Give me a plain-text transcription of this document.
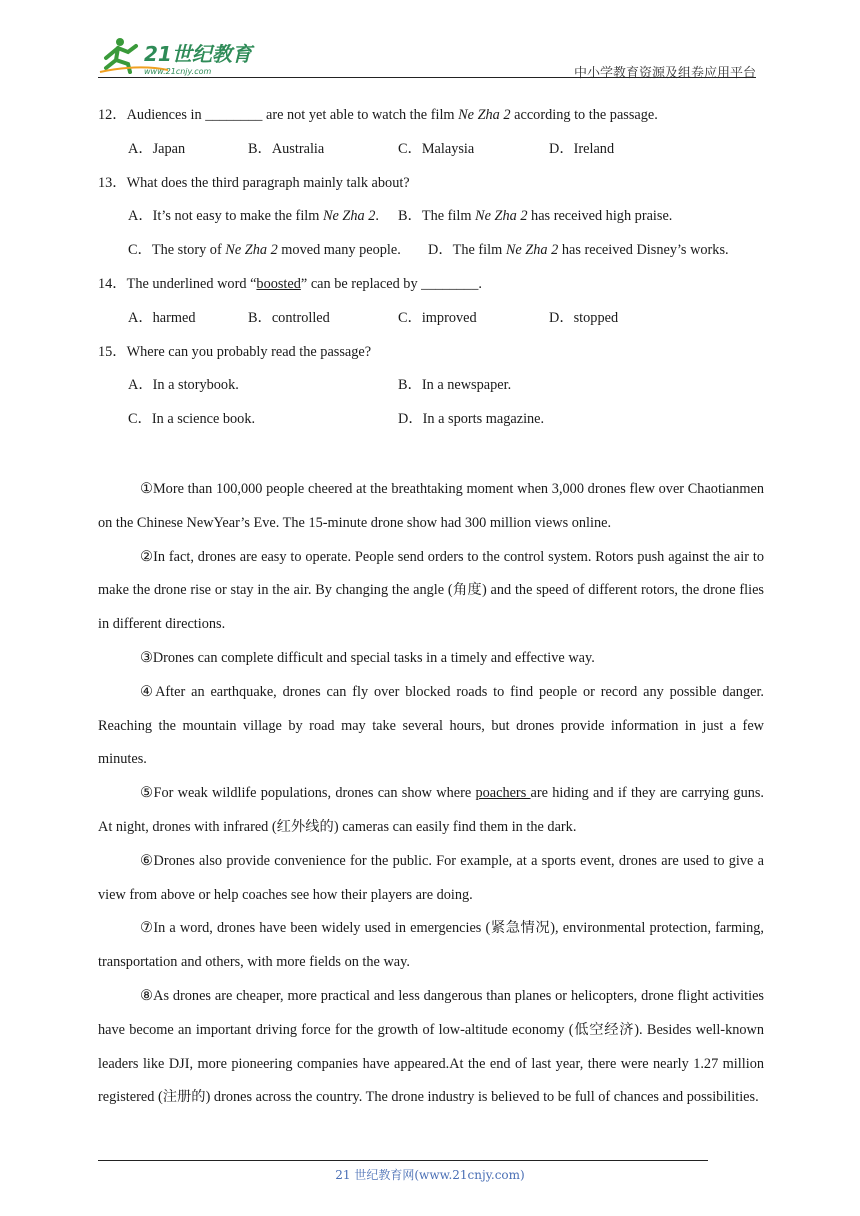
21世纪教育
www.21cnjy.com	中小学教育资源及组卷应用平台
12．Audiences in ________ are not yet able to watch the film Ne Zha 2 according to the passage.
A．Japan	B．Australia	C．Malaysia	D．Ireland
13．What does the third paragraph mainly talk about?
A．It’s not easy to make the film Ne Zha 2. B．The film Ne Zha 2 has received high praise.
C．The story of Ne Zha 2 moved many people. D．The film Ne Zha 2 has received Disney’s works.
14．The underlined word “boosted” can be replaced by ________.
A．harmed	B．controlled	C．improved	D．stopped
15．Where can you probably read the passage?
A．In a storybook.	B．In a newspaper.
C．In a science book.	D．In a sports magazine.

①More than 100,000 people cheered at the breathtaking moment when 3,000 drones flew over Chaotianmen on the Chinese NewYear’s Eve. The 15-minute drone show had 300 million views online.

②In fact, drones are easy to operate. People send orders to the control system. Rotors push against the air to make the drone rise or stay in the air. By changing the angle (角度) and the speed of different rotors, the drone flies in different directions.

③Drones can complete difficult and special tasks in a timely and effective way.

④After an earthquake, drones can fly over blocked roads to find people or record any possible danger. Reaching the mountain village by road may take several hours, but drones provide information in just a few minutes.

⑤For weak wildlife populations, drones can show where poachers are hiding and if they are carrying guns. At night, drones with infrared (红外线的) cameras can easily find them in the dark.

⑥Drones also provide convenience for the public. For example, at a sports event, drones are used to give a view from above or help coaches see how their players are doing.

⑦In a word, drones have been widely used in emergencies (紧急情况), environmental protection, farming, transportation and others, with more fields on the way.

⑧As drones are cheaper, more practical and less dangerous than planes or helicopters, drone flight activities have become an important driving force for the growth of low-altitude economy (低空经济). Besides well-known leaders like DJI, more pioneering companies have appeared.At the end of last year, there were nearly 1.27 million registered (注册的) drones across the country. The drone industry is believed to be full of chances and possibilities.

21 世纪教育网(www.21cnjy.com)
